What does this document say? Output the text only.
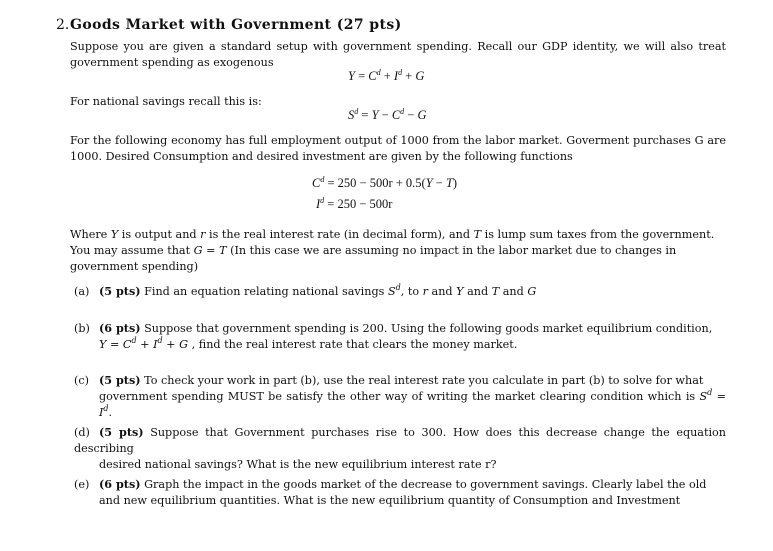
2. Goods Market with Government (27 pts)
Suppose you are given a standard setup with government spending. Recall our GDP identity, we will also treat government spending as exogenous
$Y = C^d + I^d + G$
For national savings recall this is:
$S^d = Y - C^d - G$
For the following economy has full employment output of 1000 from the labor market. Goverment purchases G are 1000. Desired Consumption and desired investment are given by the following functions
$C^d = 250 - 500r + 0.5(Y - T)$
$I^d = 250 - 500r$
Where Y is output and r is the real interest rate (in decimal form), and T is lump sum taxes from the government.
You may assume that G = T (In this case we are assuming no impact in the labor market due to changes in
government spending)
(a) (5 pts) Find an equation relating national savings $S^d$, to r and Y and T and G
(b) (6 pts) Suppose that government spending is 200. Using the following goods market equilibrium condition,
$Y = C^d + I^d + G$ , find the real interest rate that clears the money market.
(c) (5 pts) To check your work in part (b), use the real interest rate you calculate in part (b) to solve for what
government spending MUST be satisfy the other way of writing the market clearing condition which is $S^d = I^d$.
(d) (5 pts) Suppose that Government purchases rise to 300. How does this decrease change the equation describing
desired national savings? What is the new equilibrium interest rate r?
(e) (6 pts) Graph the impact in the goods market of the decrease to government savings. Clearly label the old
and new equilibrium quantities. What is the new equilibrium quantity of Consumption and Investment
